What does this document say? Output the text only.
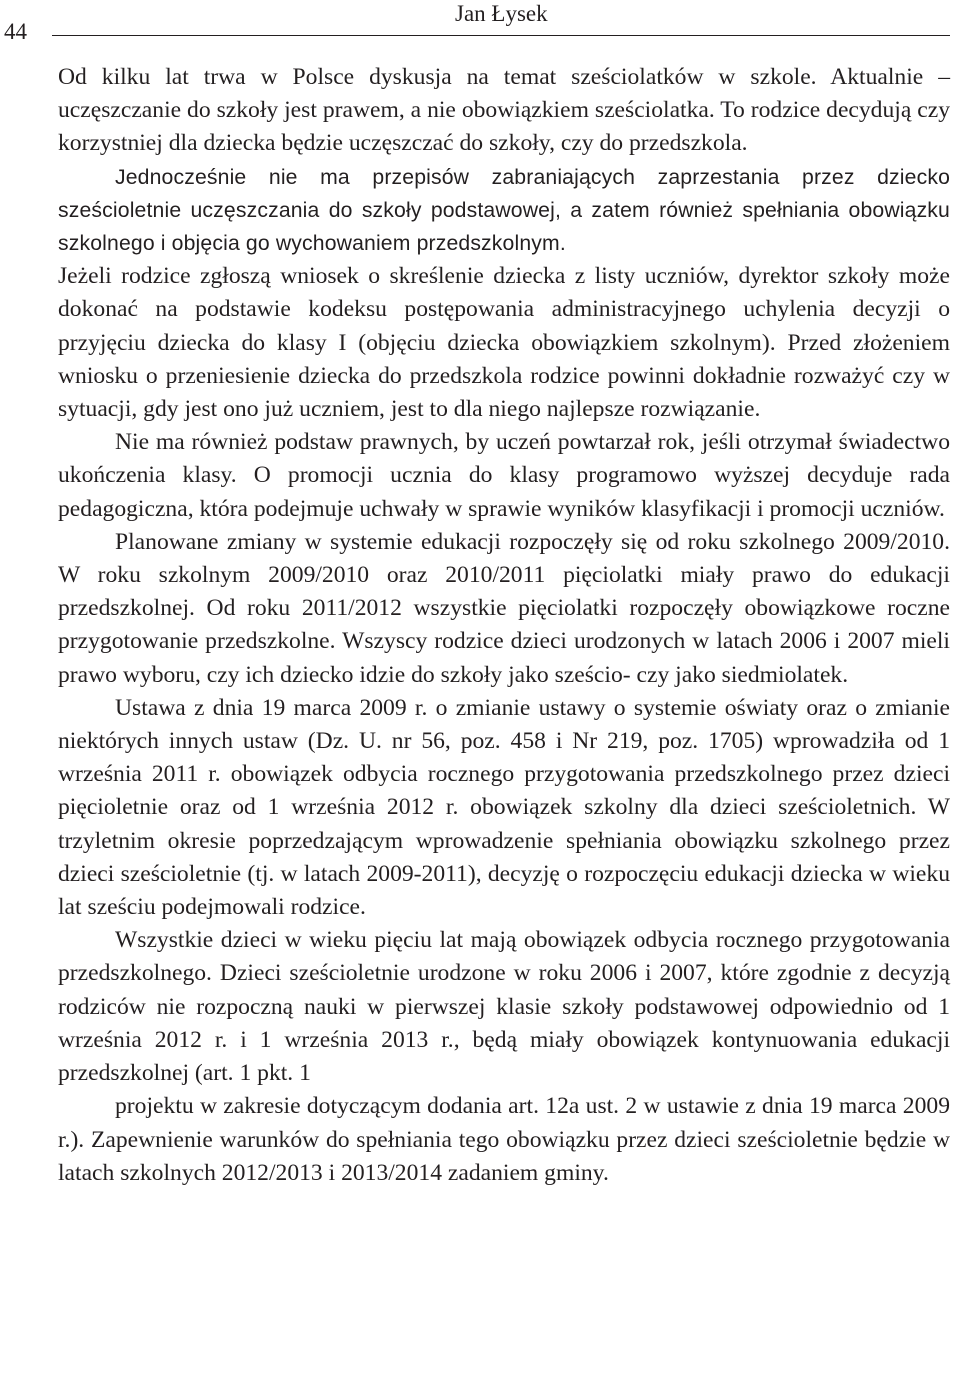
44
Jan Łysek

Od kilku lat trwa w Polsce dyskusja na temat sześciolatków w szkole. Aktualnie – uczęszczanie do szkoły jest prawem, a nie obowiązkiem sześciolatka. To rodzice decydują czy korzystniej dla dziecka będzie uczęszczać do szkoły, czy do przedszkola.

Jednocześnie nie ma przepisów zabraniających zaprzestania przez dziecko sześcioletnie uczęszczania do szkoły podstawowej, a zatem również spełniania obowiązku szkolnego i objęcia go wychowaniem przedszkolnym.

Jeżeli rodzice zgłoszą wniosek o skreślenie dziecka z listy uczniów, dyrektor szkoły może dokonać na podstawie kodeksu postępowania administracyjnego uchylenia decyzji o przyjęciu dziecka do klasy I (objęciu dziecka obowiązkiem szkolnym). Przed złożeniem wniosku o przeniesienie dziecka do przedszkola rodzice powinni dokładnie rozważyć czy w sytuacji, gdy jest ono już uczniem, jest to dla niego najlepsze rozwiązanie.

Nie ma również podstaw prawnych, by uczeń powtarzał rok, jeśli otrzymał świadectwo ukończenia klasy. O promocji ucznia do klasy programowo wyższej decyduje rada pedagogiczna, która podejmuje uchwały w sprawie wyników klasyfikacji i promocji uczniów.

Planowane zmiany w systemie edukacji rozpoczęły się od roku szkolnego 2009/2010. W roku szkolnym 2009/2010 oraz 2010/2011 pięciolatki miały prawo do edukacji przedszkolnej. Od roku 2011/2012 wszystkie pięciolatki rozpoczęły obowiązkowe roczne przygotowanie przedszkolne. Wszyscy rodzice dzieci urodzonych w latach 2006 i 2007 mieli prawo wyboru, czy ich dziecko idzie do szkoły jako sześcio- czy jako siedmiolatek.

Ustawa z dnia 19 marca 2009 r. o zmianie ustawy o systemie oświaty oraz o zmianie niektórych innych ustaw (Dz. U. nr 56, poz. 458 i Nr 219, poz. 1705) wprowadziła od 1 września 2011 r. obowiązek odbycia rocznego przygotowania przedszkolnego przez dzieci pięcioletnie oraz od 1 września 2012 r. obowiązek szkolny dla dzieci sześcioletnich. W trzyletnim okresie poprzedzającym wprowadzenie spełniania obowiązku szkolnego przez dzieci sześcioletnie (tj. w latach 2009-2011), decyzję o rozpoczęciu edukacji dziecka w wieku lat sześciu podejmowali rodzice.

Wszystkie dzieci w wieku pięciu lat mają obowiązek odbycia rocznego przygotowania przedszkolnego. Dzieci sześcioletnie urodzone w roku 2006 i 2007, które zgodnie z decyzją rodziców nie rozpoczną nauki w pierwszej klasie szkoły podstawowej odpowiednio od 1 września 2012 r. i 1 września 2013 r., będą miały obowiązek kontynuowania edukacji przedszkolnej (art. 1 pkt. 1

projektu w zakresie dotyczącym dodania art. 12a ust. 2 w ustawie z dnia 19 marca 2009 r.). Zapewnienie warunków do spełniania tego obowiązku przez dzieci sześcioletnie będzie w latach szkolnych 2012/2013 i 2013/2014 zadaniem gminy.
